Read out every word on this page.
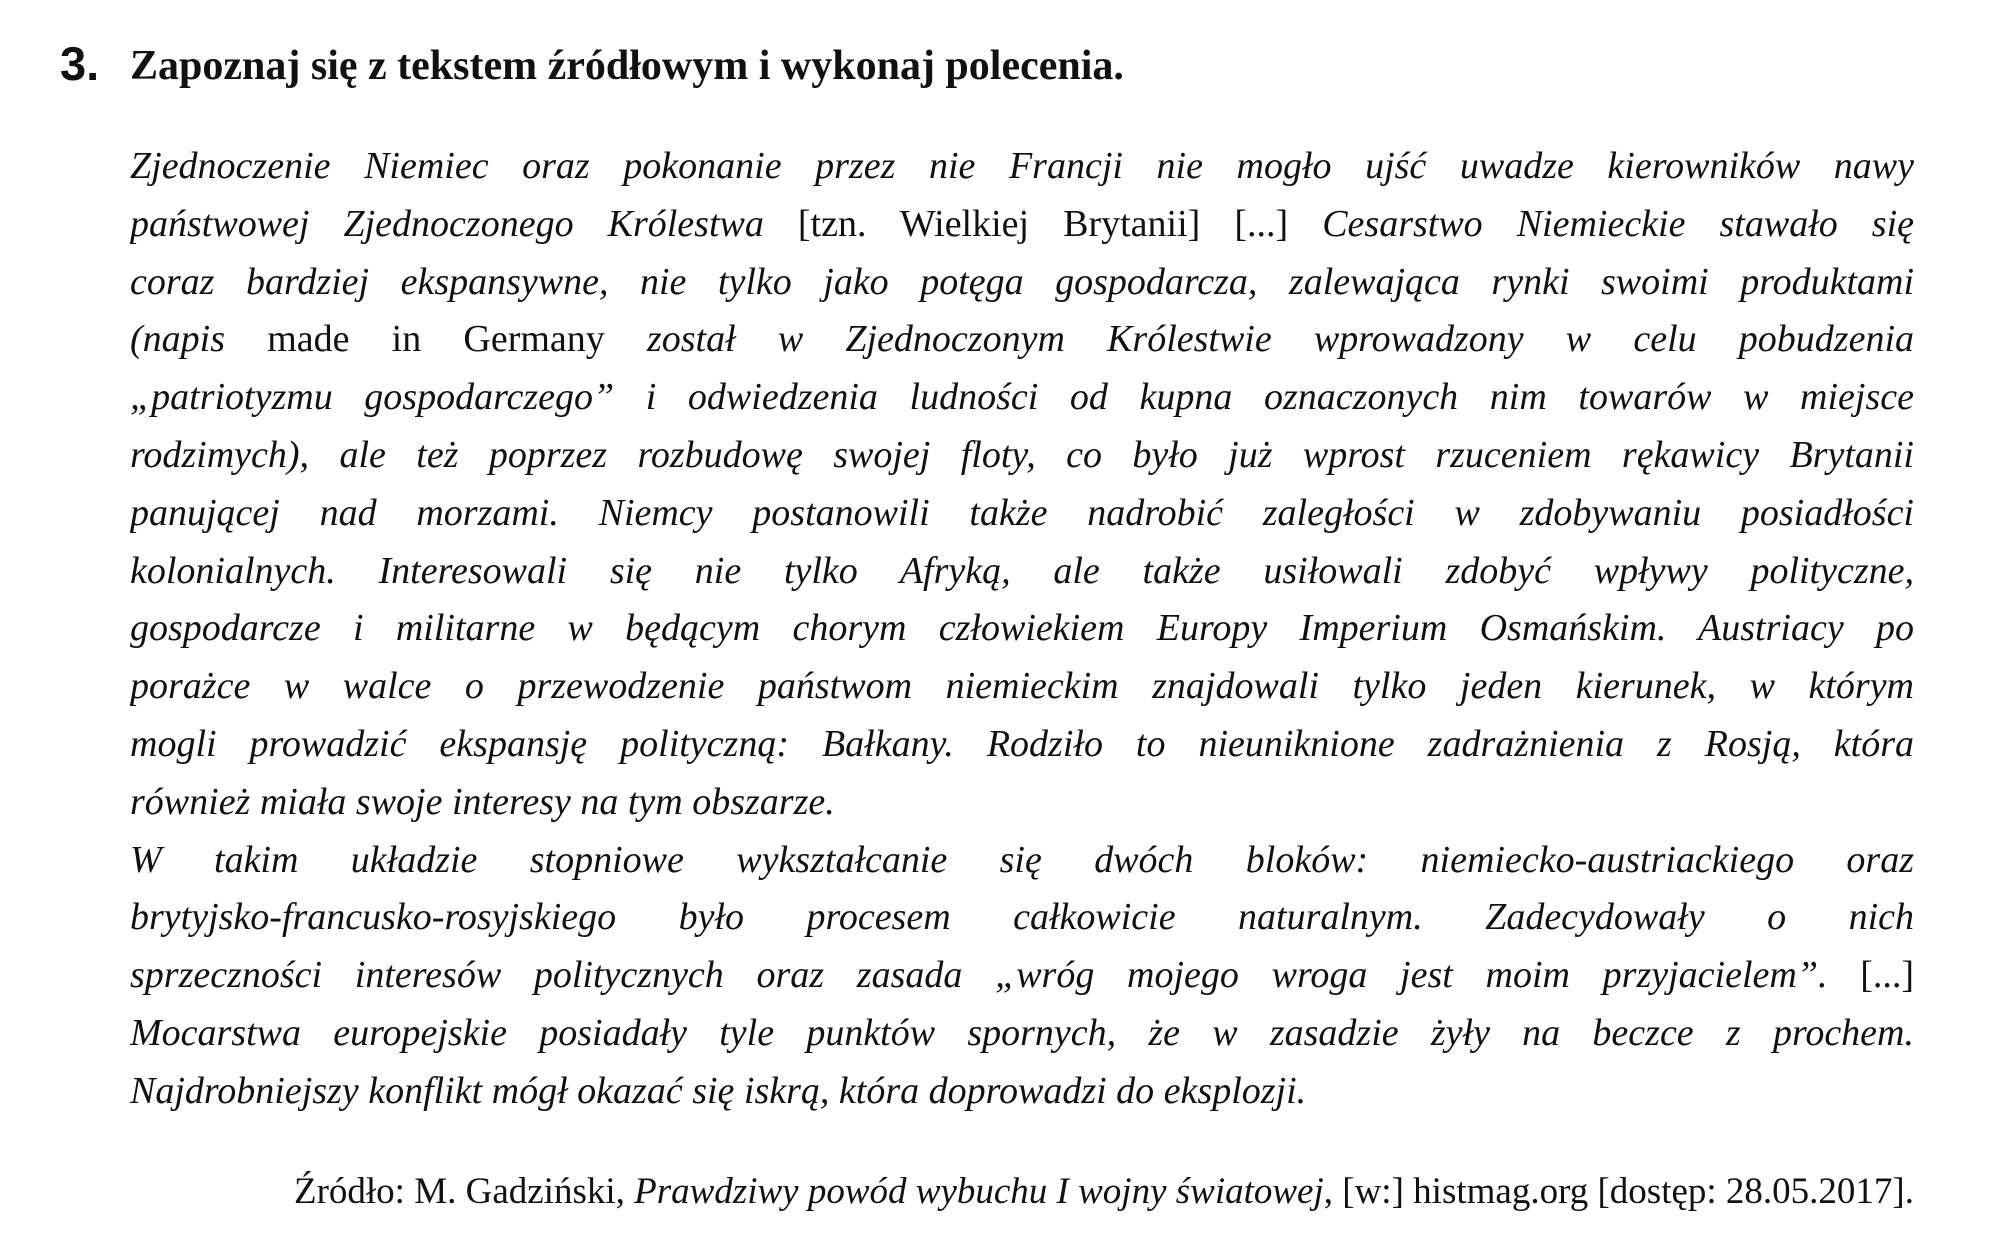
3. Zapoznaj się z tekstem źródłowym i wykonaj polecenia.
Zjednoczenie Niemiec oraz pokonanie przez nie Francji nie mogło ujść uwadze kierowników nawy
państwowej Zjednoczonego Królestwa [tzn. Wielkiej Brytanii] [...] Cesarstwo Niemieckie stawało się
coraz bardziej ekspansywne, nie tylko jako potęga gospodarcza, zalewająca rynki swoimi produktami
(napis made in Germany został w Zjednoczonym Królestwie wprowadzony w celu pobudzenia
„patriotyzmu gospodarczego” i odwiedzenia ludności od kupna oznaczonych nim towarów w miejsce
rodzimych), ale też poprzez rozbudowę swojej floty, co było już wprost rzuceniem rękawicy Brytanii
panującej nad morzami. Niemcy postanowili także nadrobić zaległości w zdobywaniu posiadłości
kolonialnych. Interesowali się nie tylko Afryką, ale także usiłowali zdobyć wpływy polityczne,
gospodarcze i militarne w będącym chorym człowiekiem Europy Imperium Osmańskim. Austriacy po
porażce w walce o przewodzenie państwom niemieckim znajdowali tylko jeden kierunek, w którym
mogli prowadzić ekspansję polityczną: Bałkany. Rodziło to nieuniknione zadrażnienia z Rosją, która
również miała swoje interesy na tym obszarze.
W takim układzie stopniowe wykształcanie się dwóch bloków: niemiecko-austriackiego oraz
brytyjsko-francusko-rosyjskiego było procesem całkowicie naturalnym. Zadecydowały o nich
sprzeczności interesów politycznych oraz zasada „wróg mojego wroga jest moim przyjacielem”. [...]
Mocarstwa europejskie posiadały tyle punktów spornych, że w zasadzie żyły na beczce z prochem.
Najdrobniejszy konflikt mógł okazać się iskrą, która doprowadzi do eksplozji.
Źródło: M. Gadziński, Prawdziwy powód wybuchu I wojny światowej, [w:] histmag.org [dostęp: 28.05.2017].
